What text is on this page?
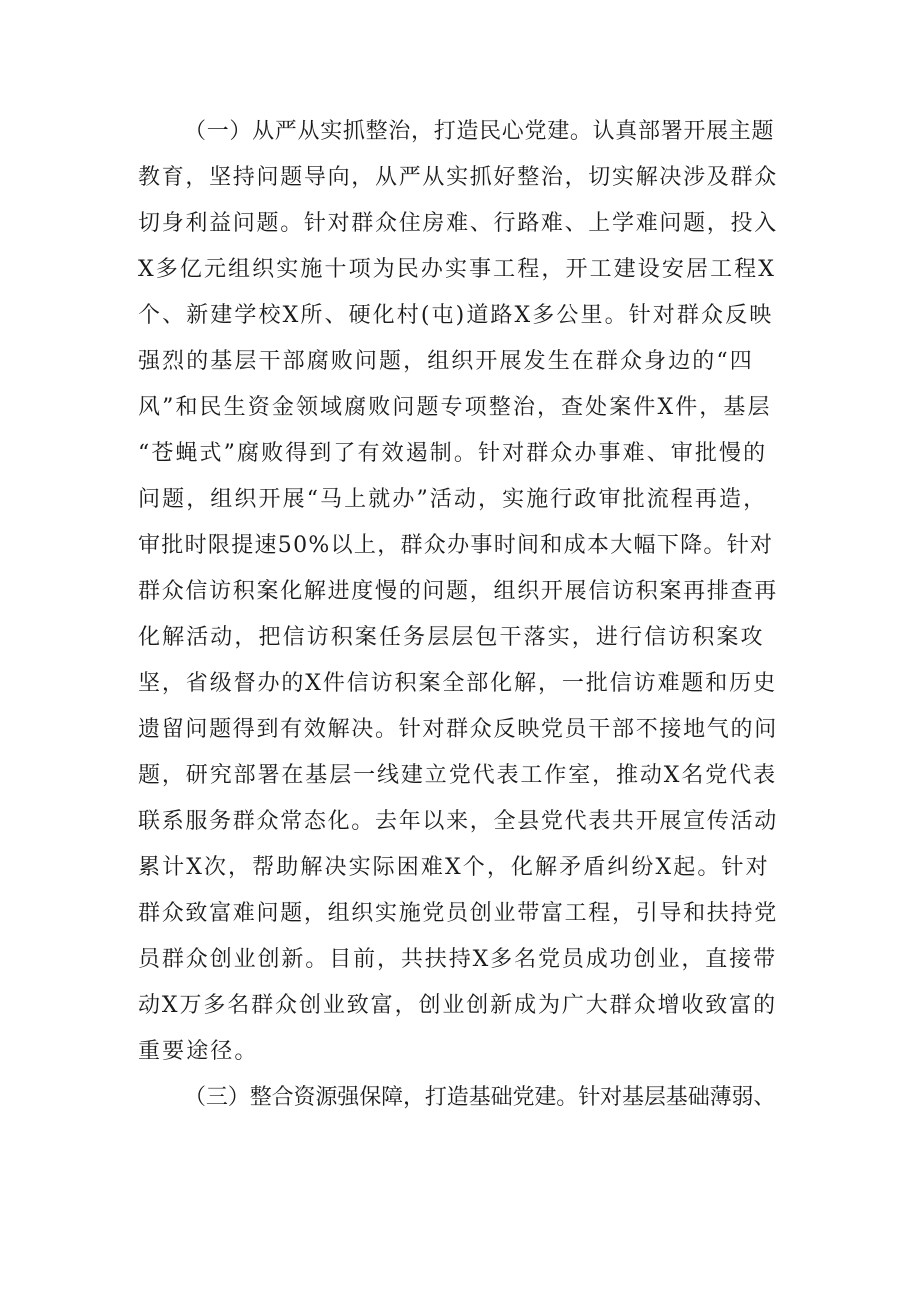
（一）从严从实抓整治，打造民心党建。认真部署开展主题
教育，坚持问题导向，从严从实抓好整治，切实解决涉及群众
切身利益问题。针对群众住房难、行路难、上学难问题，投入
X多亿元组织实施十项为民办实事工程，开工建设安居工程X
个、新建学校X所、硬化村(屯)道路X多公里。针对群众反映
强烈的基层干部腐败问题，组织开展发生在群众身边的“四
风”和民生资金领域腐败问题专项整治，查处案件X件，基层
“苍蝇式”腐败得到了有效遏制。针对群众办事难、审批慢的
问题，组织开展“马上就办”活动，实施行政审批流程再造，
审批时限提速50%以上，群众办事时间和成本大幅下降。针对
群众信访积案化解进度慢的问题，组织开展信访积案再排查再
化解活动，把信访积案任务层层包干落实，进行信访积案攻
坚，省级督办的X件信访积案全部化解，一批信访难题和历史
遗留问题得到有效解决。针对群众反映党员干部不接地气的问
题，研究部署在基层一线建立党代表工作室，推动X名党代表
联系服务群众常态化。去年以来，全县党代表共开展宣传活动
累计X次，帮助解决实际困难X个，化解矛盾纠纷X起。针对
群众致富难问题，组织实施党员创业带富工程，引导和扶持党
员群众创业创新。目前，共扶持X多名党员成功创业，直接带
动X万多名群众创业致富，创业创新成为广大群众增收致富的
重要途径。
（三）整合资源强保障，打造基础党建。针对基层基础薄弱、
